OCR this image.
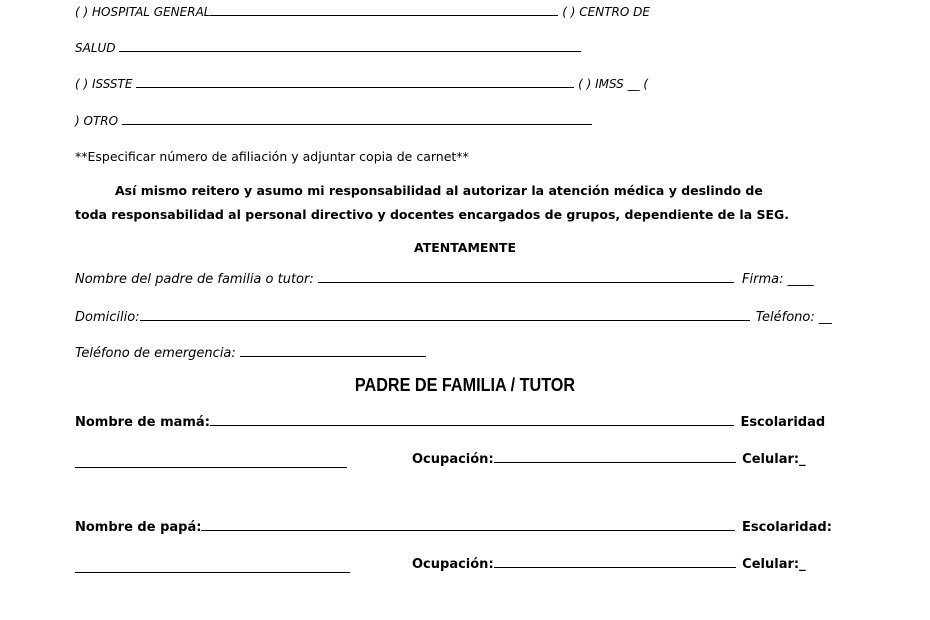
( ) HOSPITAL GENERAL	( ) CENTRO DE
SALUD
( ) ISSSTE	( ) IMSS __ (
) OTRO
**Especificar número de afiliación y adjuntar copia de carnet**
Así mismo reitero y asumo mi responsabilidad al autorizar la atención médica y deslindo de toda responsabilidad al personal directivo y docentes encargados de grupos, dependiente de la SEG.
ATENTAMENTE
Nombre del padre de familia o tutor:	Firma: ____
Domicilio:	Teléfono: __
Teléfono de emergencia:
PADRE DE FAMILIA / TUTOR
Nombre de mamá:	Escolaridad
Ocupación:	Celular:_
Nombre de papá:	Escolaridad:
Ocupación:	Celular:_
